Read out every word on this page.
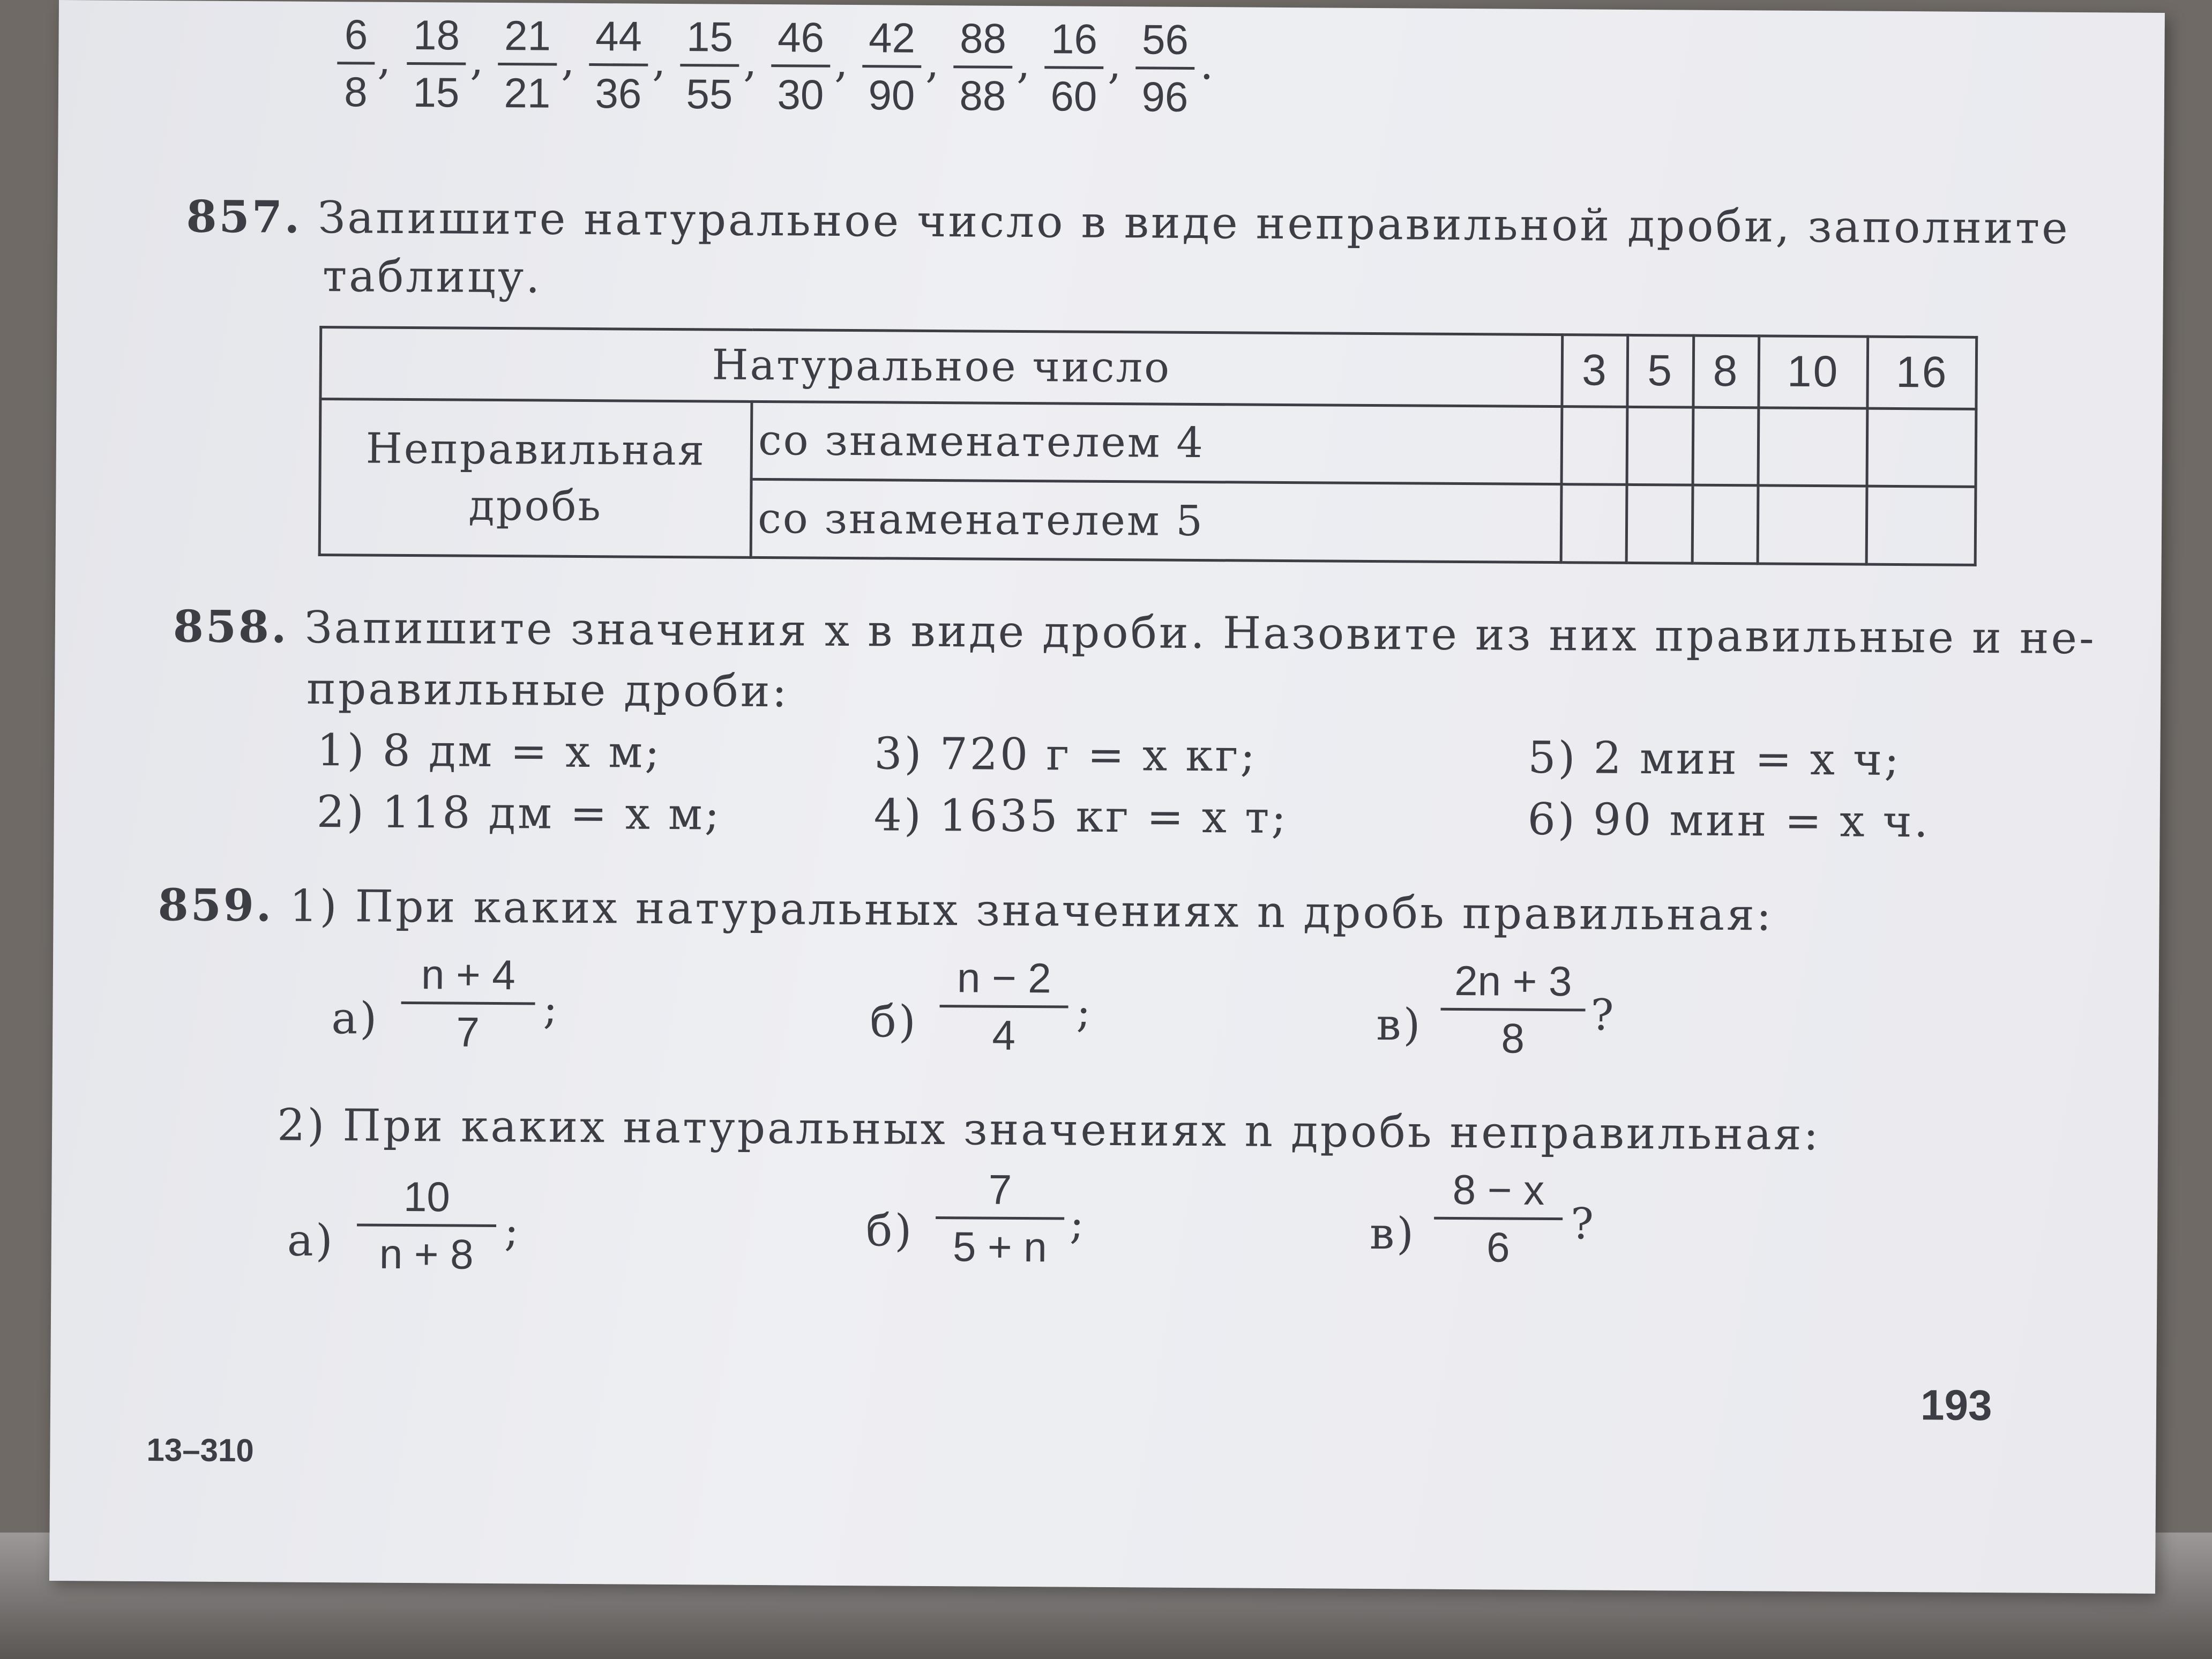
6
8
, 18
15
, 21
21
, 44
36
, 15
55
, 46
30
, 42
90
, 88
88
, 16
60
, 56
96
.
857. Запишите натуральное число в виде неправильной дроби, заполните
таблицу.
Натуральное число		3	5	8	10	16

Неправильная
дробь	со знаменателем 4					
	со знаменателем 5					
858. Запишите значения x в виде дроби. Назовите из них правильные и не-
правильные дроби:
1) 8 дм = x м;
2) 118 дм = x м;
3) 720 г = x кг;
4) 1635 кг = x т;
5) 2 мин = x ч;
6) 90 мин = x ч.
859. 1) При каких натуральных значениях n дробь правильная:
а)
n + 4
7 ;	б)
n − 2
4 ;	в)
2n + 3
8 ?
2) При каких натуральных значениях n дробь неправильная:
а)
10
n + 8 ;	б)
7
5 + n ;	в)
8 − x
6 ?
193
13–310
